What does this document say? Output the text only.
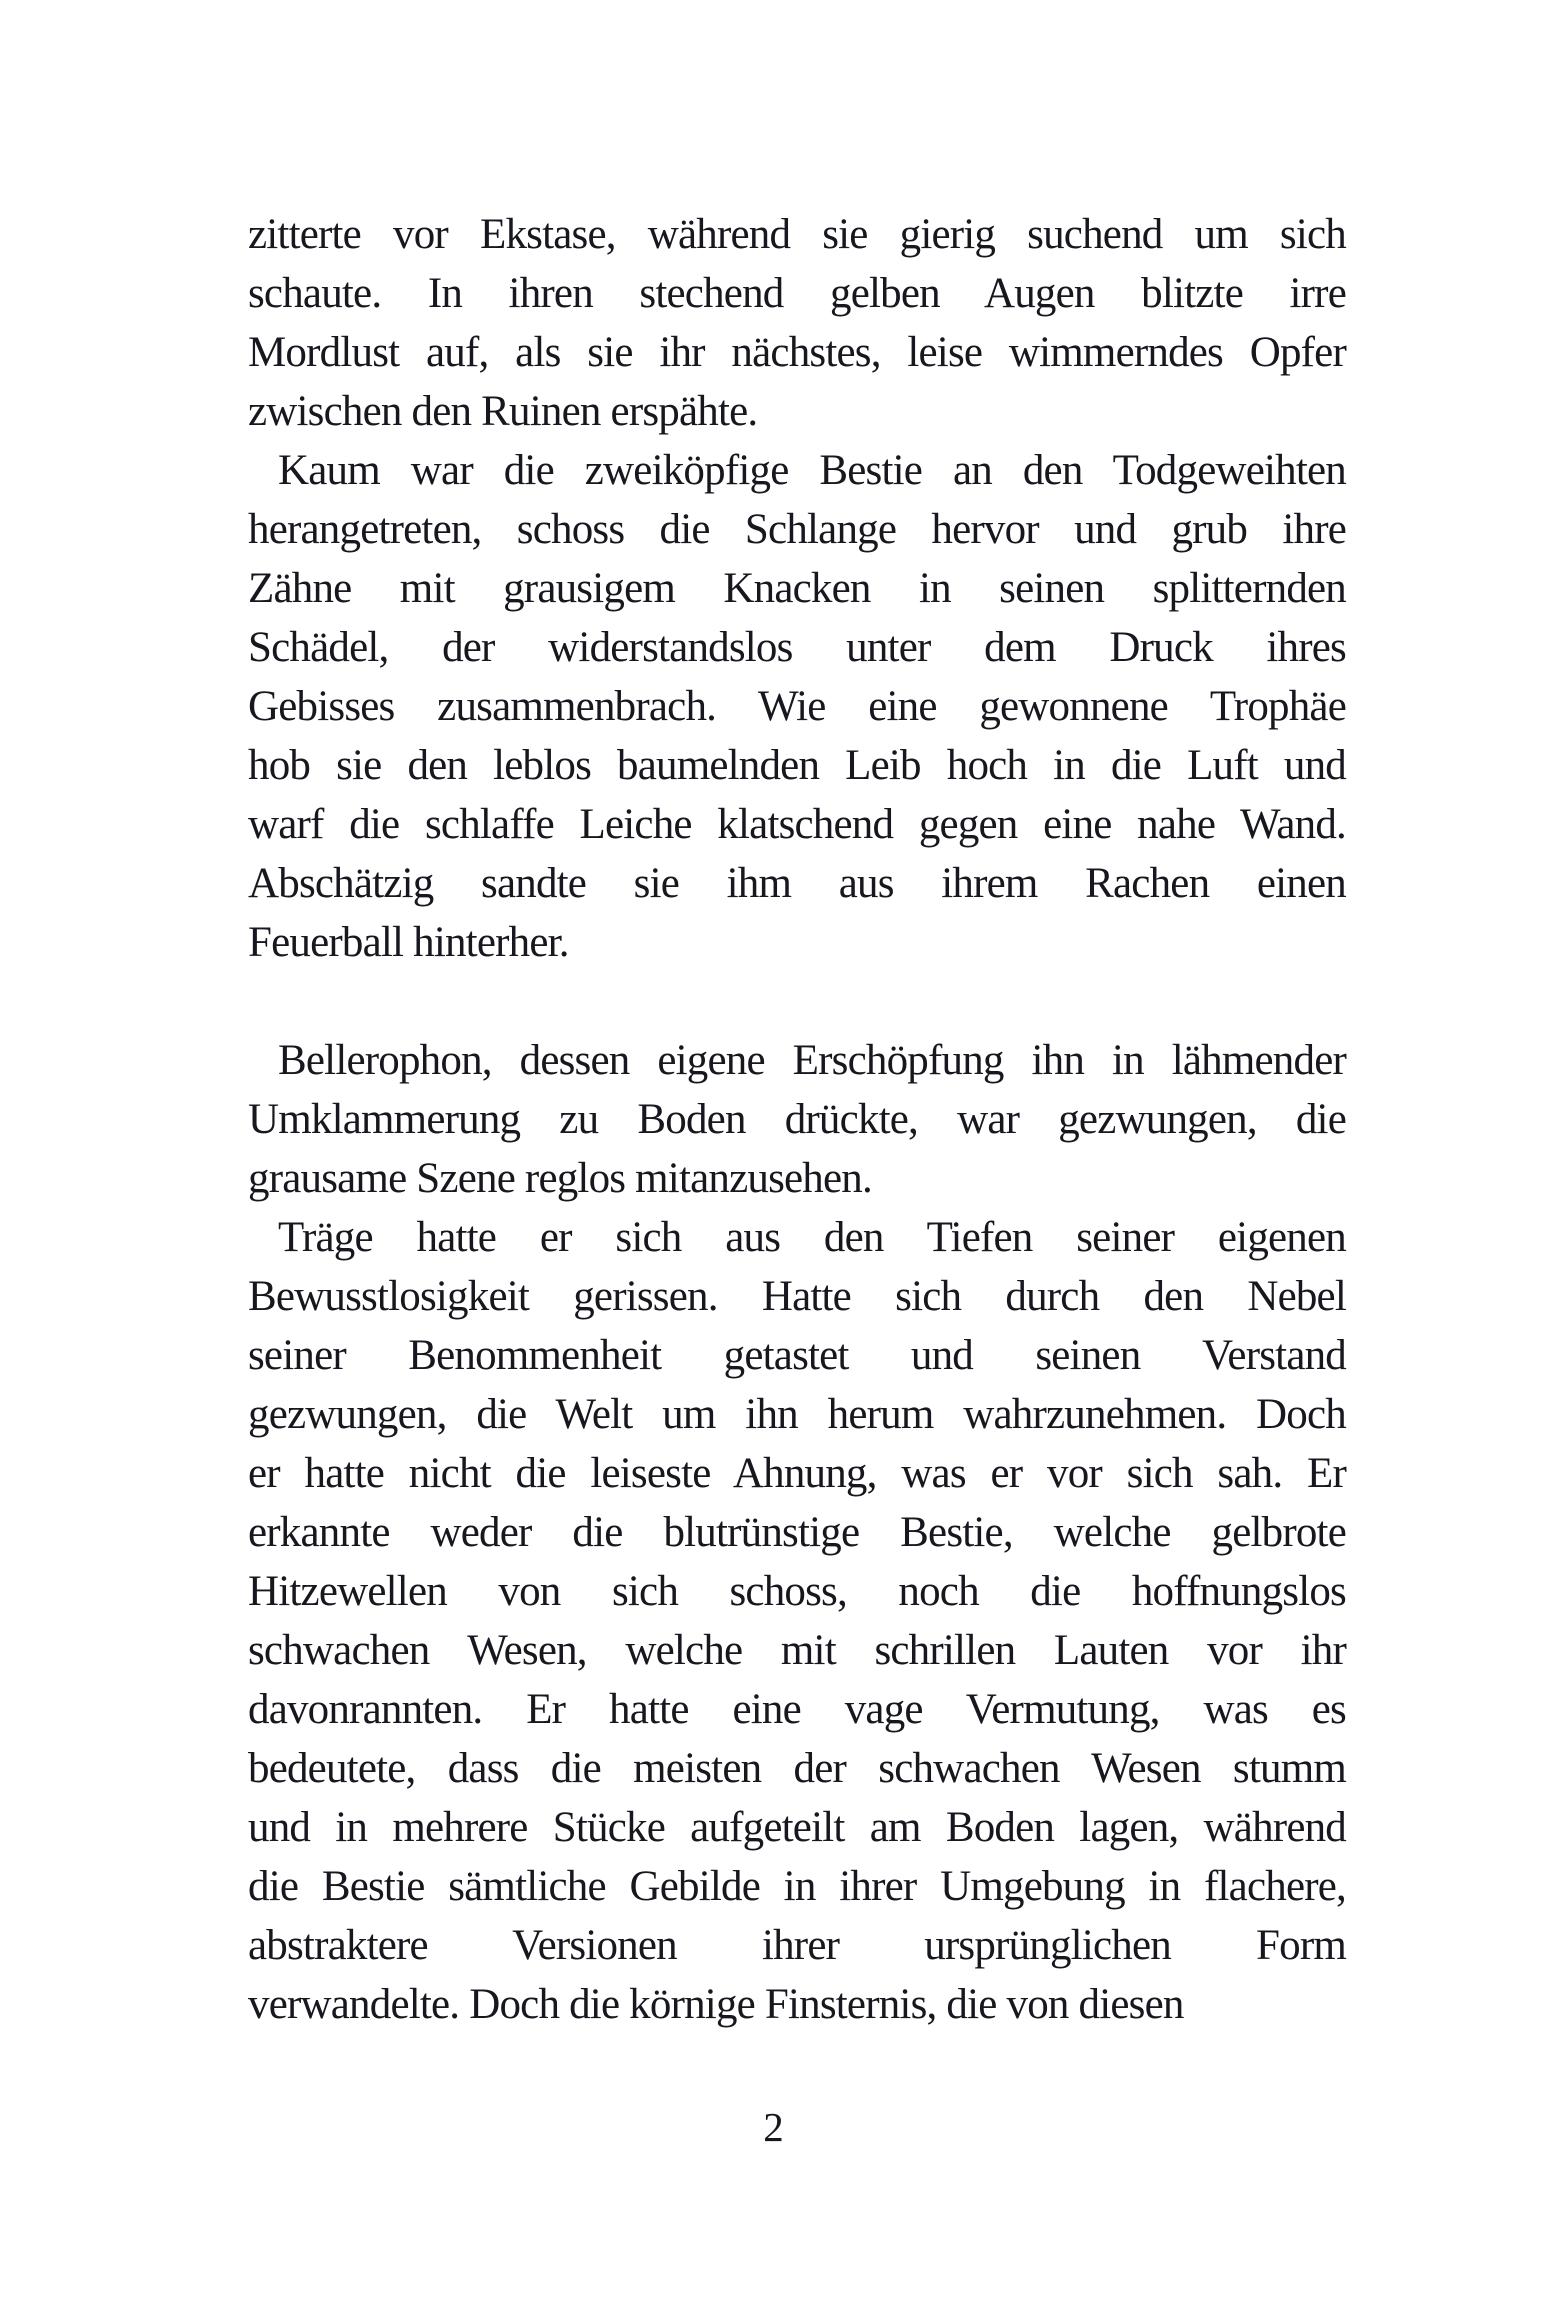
zitterte vor Ekstase, während sie gierig suchend um sich
schaute. In ihren stechend gelben Augen blitzte irre
Mordlust auf, als sie ihr nächstes, leise wimmerndes Opfer
zwischen den Ruinen erspähte.
Kaum war die zweiköpfige Bestie an den Todgeweihten
herangetreten, schoss die Schlange hervor und grub ihre
Zähne mit grausigem Knacken in seinen splitternden
Schädel, der widerstandslos unter dem Druck ihres
Gebisses zusammenbrach. Wie eine gewonnene Trophäe
hob sie den leblos baumelnden Leib hoch in die Luft und
warf die schlaffe Leiche klatschend gegen eine nahe Wand.
Abschätzig sandte sie ihm aus ihrem Rachen einen
Feuerball hinterher.
Bellerophon, dessen eigene Erschöpfung ihn in lähmender
Umklammerung zu Boden drückte, war gezwungen, die
grausame Szene reglos mitanzusehen.
Träge hatte er sich aus den Tiefen seiner eigenen
Bewusstlosigkeit gerissen. Hatte sich durch den Nebel
seiner Benommenheit getastet und seinen Verstand
gezwungen, die Welt um ihn herum wahrzunehmen. Doch
er hatte nicht die leiseste Ahnung, was er vor sich sah. Er
erkannte weder die blutrünstige Bestie, welche gelbrote
Hitzewellen von sich schoss, noch die hoffnungslos
schwachen Wesen, welche mit schrillen Lauten vor ihr
davonrannten. Er hatte eine vage Vermutung, was es
bedeutete, dass die meisten der schwachen Wesen stumm
und in mehrere Stücke aufgeteilt am Boden lagen, während
die Bestie sämtliche Gebilde in ihrer Umgebung in flachere,
abstraktere Versionen ihrer ursprünglichen Form
verwandelte. Doch die körnige Finsternis, die von diesen
2
